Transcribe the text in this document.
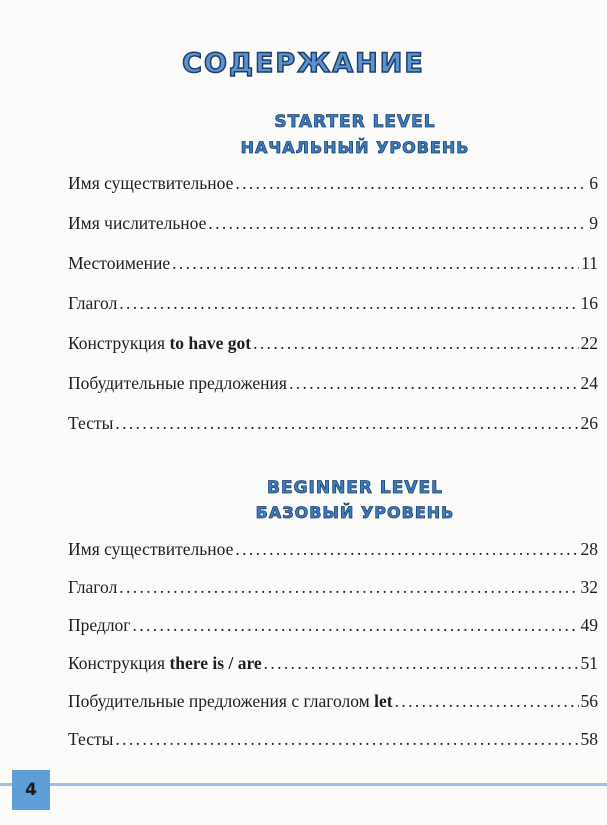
СОДЕРЖАНИЕ
STARTER LEVEL
НАЧАЛЬНЫЙ УРОВЕНЬ
Имя существительное . . .	6
Имя числительное . . .	9
Местоимение . . .	11
Глагол . . .	16
Конструкция to have got . . .	22
Побудительные предложения . . .	24
Тесты . . .	26
BEGINNER LEVEL
БАЗОВЫЙ УРОВЕНЬ
Имя существительное . . .	28
Глагол . . .	32
Предлог . . .	49
Конструкция there is / are . . .	51
Побудительные предложения с глаголом let . . .	56
Тесты . . .	58
4
